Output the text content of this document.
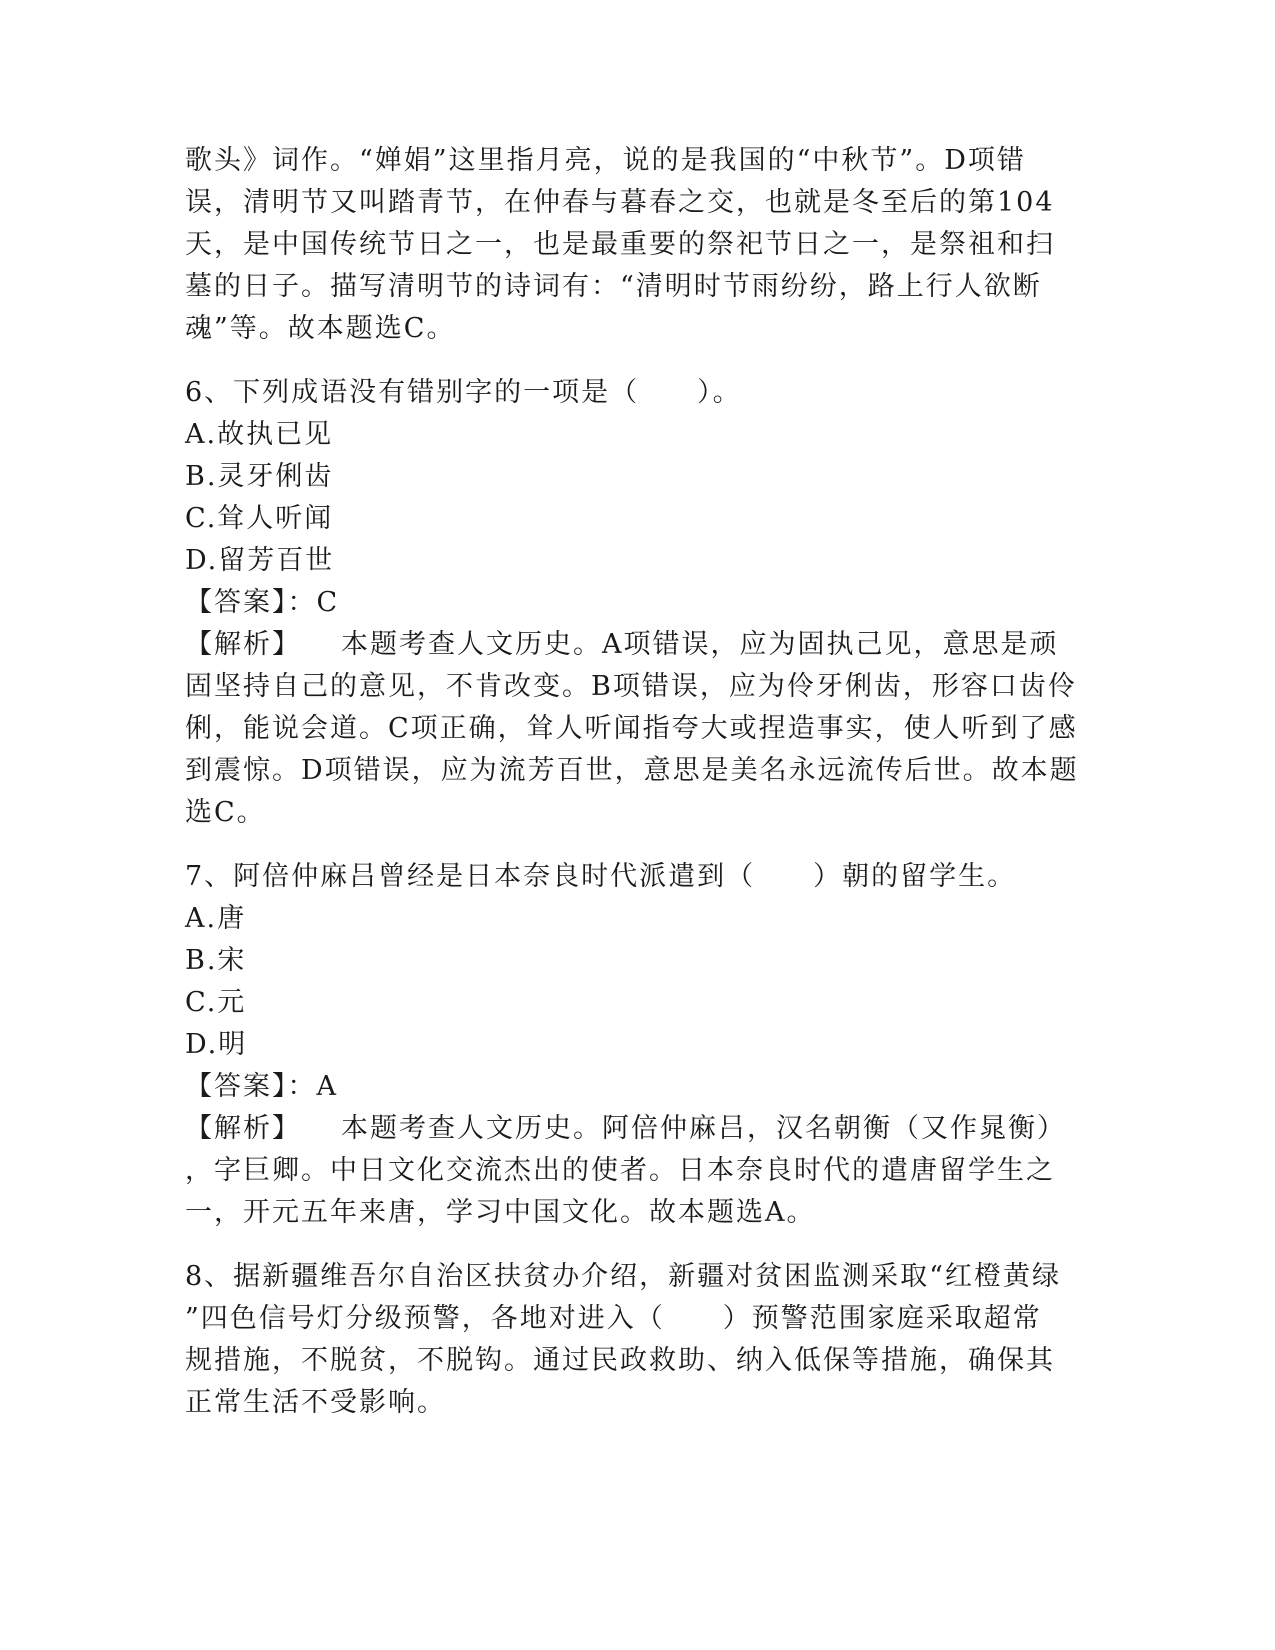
歌头》词作。“婵娟”这里指月亮，说的是我国的“中秋节”。D项错
误，清明节又叫踏青节，在仲春与暮春之交，也就是冬至后的第104
天，是中国传统节日之一，也是最重要的祭祀节日之一，是祭祖和扫
墓的日子。描写清明节的诗词有：“清明时节雨纷纷，路上行人欲断
魂”等。故本题选C。
6、下列成语没有错别字的一项是（　　）。
A.故执已见
B.灵牙俐齿
C.耸人听闻
D.留芳百世
【答案】：C
【解析】 本题考查人文历史。A项错误，应为固执己见，意思是顽
固坚持自己的意见，不肯改变。B项错误，应为伶牙俐齿，形容口齿伶
俐，能说会道。C项正确，耸人听闻指夸大或捏造事实，使人听到了感
到震惊。D项错误，应为流芳百世，意思是美名永远流传后世。故本题
选C。
7、阿倍仲麻吕曾经是日本奈良时代派遣到（　　）朝的留学生。
A.唐
B.宋
C.元
D.明
【答案】：A
【解析】 本题考查人文历史。阿倍仲麻吕，汉名朝衡（又作晁衡）
，字巨卿。中日文化交流杰出的使者。日本奈良时代的遣唐留学生之
一，开元五年来唐，学习中国文化。故本题选A。
8、据新疆维吾尔自治区扶贫办介绍，新疆对贫困监测采取“红橙黄绿
”四色信号灯分级预警，各地对进入（　　）预警范围家庭采取超常
规措施，不脱贫，不脱钩。通过民政救助、纳入低保等措施，确保其
正常生活不受影响。
